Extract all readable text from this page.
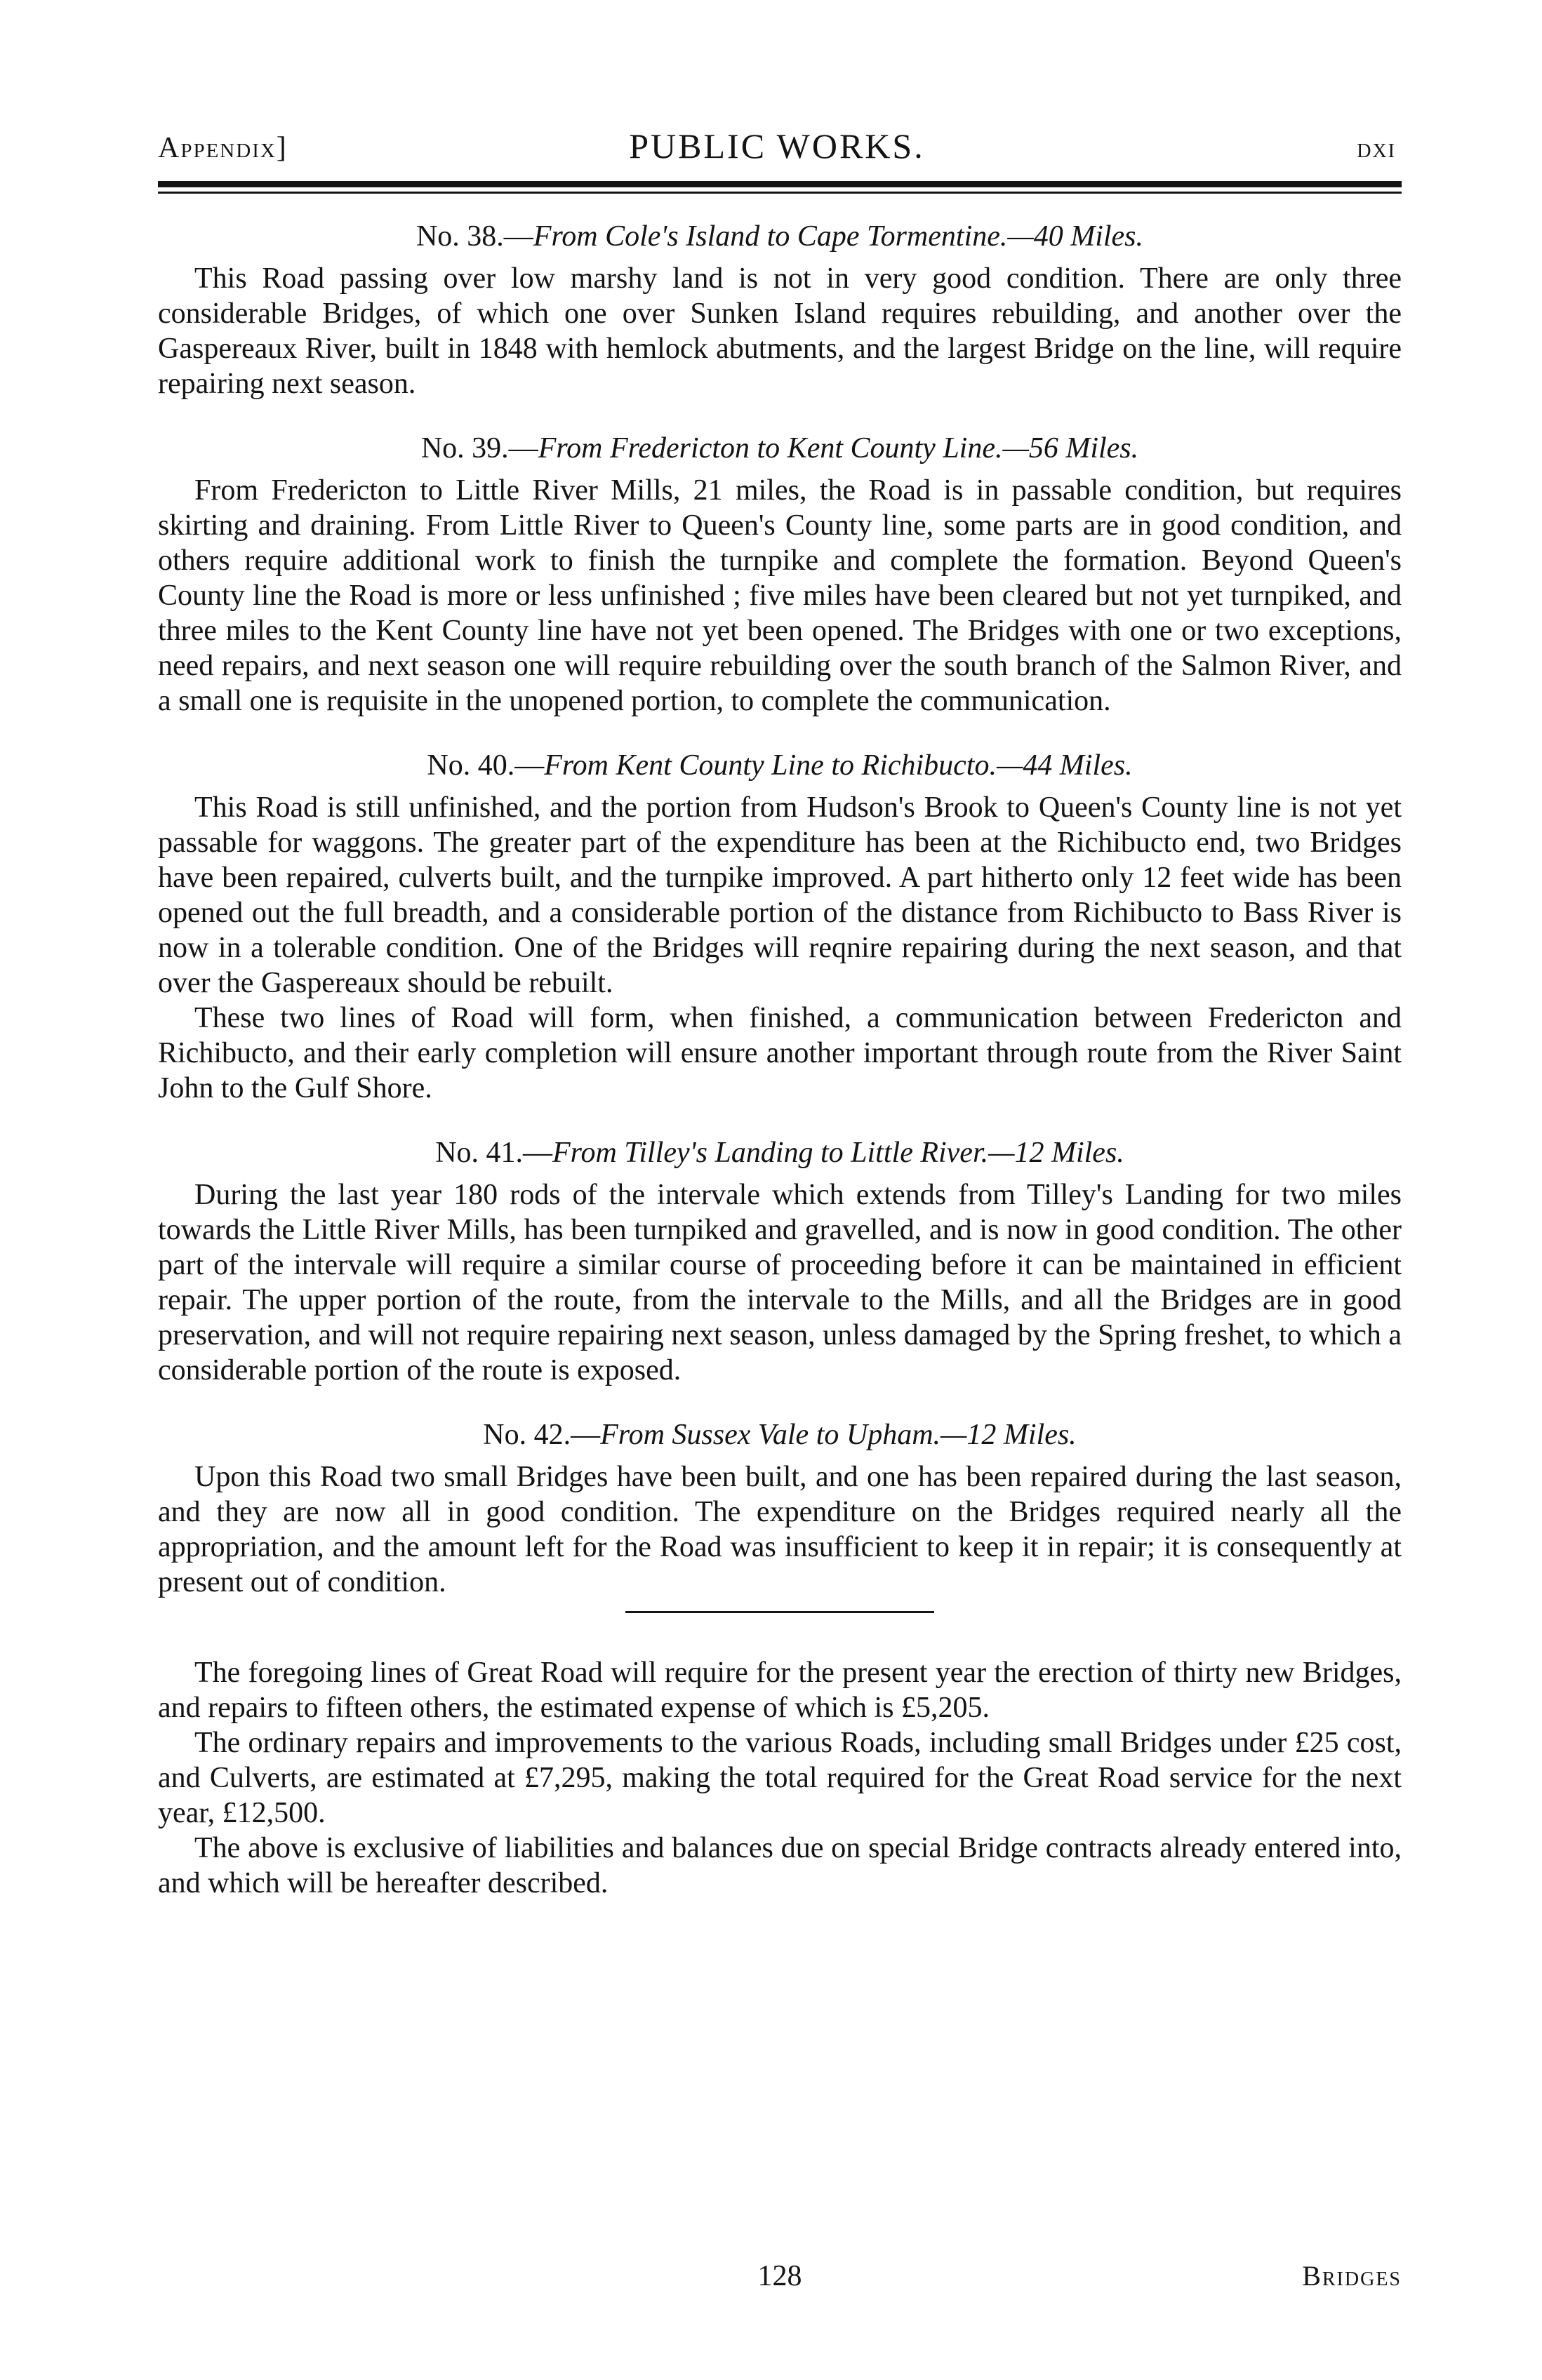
Appendix]	PUBLIC WORKS.	dxi

No. 38.—From Cole's Island to Cape Tormentine.—40 Miles.

This Road passing over low marshy land is not in very good condition. There are only three considerable Bridges, of which one over Sunken Island requires rebuilding, and another over the Gaspereaux River, built in 1848 with hemlock abutments, and the largest Bridge on the line, will require repairing next season.

No. 39.—From Fredericton to Kent County Line.—56 Miles.

From Fredericton to Little River Mills, 21 miles, the Road is in passable condition, but requires skirting and draining. From Little River to Queen's County line, some parts are in good condition, and others require additional work to finish the turnpike and complete the formation. Beyond Queen's County line the Road is more or less unfinished ; five miles have been cleared but not yet turnpiked, and three miles to the Kent County line have not yet been opened. The Bridges with one or two exceptions, need repairs, and next season one will require rebuilding over the south branch of the Salmon River, and a small one is requisite in the unopened portion, to complete the communication.

No. 40.—From Kent County Line to Richibucto.—44 Miles.

This Road is still unfinished, and the portion from Hudson's Brook to Queen's County line is not yet passable for waggons. The greater part of the expenditure has been at the Richibucto end, two Bridges have been repaired, culverts built, and the turnpike improved. A part hitherto only 12 feet wide has been opened out the full breadth, and a considerable portion of the distance from Richibucto to Bass River is now in a tolerable condition. One of the Bridges will reqnire repairing during the next season, and that over the Gaspereaux should be rebuilt.

These two lines of Road will form, when finished, a communication between Fredericton and Richibucto, and their early completion will ensure another important through route from the River Saint John to the Gulf Shore.

No. 41.—From Tilley's Landing to Little River.—12 Miles.

During the last year 180 rods of the intervale which extends from Tilley's Landing for two miles towards the Little River Mills, has been turnpiked and gravelled, and is now in good condition. The other part of the intervale will require a similar course of proceeding before it can be maintained in efficient repair. The upper portion of the route, from the intervale to the Mills, and all the Bridges are in good preservation, and will not require repairing next season, unless damaged by the Spring freshet, to which a considerable portion of the route is exposed.

No. 42.—From Sussex Vale to Upham.—12 Miles.

Upon this Road two small Bridges have been built, and one has been repaired during the last season, and they are now all in good condition. The expenditure on the Bridges required nearly all the appropriation, and the amount left for the Road was insufficient to keep it in repair; it is consequently at present out of condition.

The foregoing lines of Great Road will require for the present year the erection of thirty new Bridges, and repairs to fifteen others, the estimated expense of which is £5,205.

The ordinary repairs and improvements to the various Roads, including small Bridges under £25 cost, and Culverts, are estimated at £7,295, making the total required for the Great Road service for the next year, £12,500.

The above is exclusive of liabilities and balances due on special Bridge contracts already entered into, and which will be hereafter described.

128	Bridges
